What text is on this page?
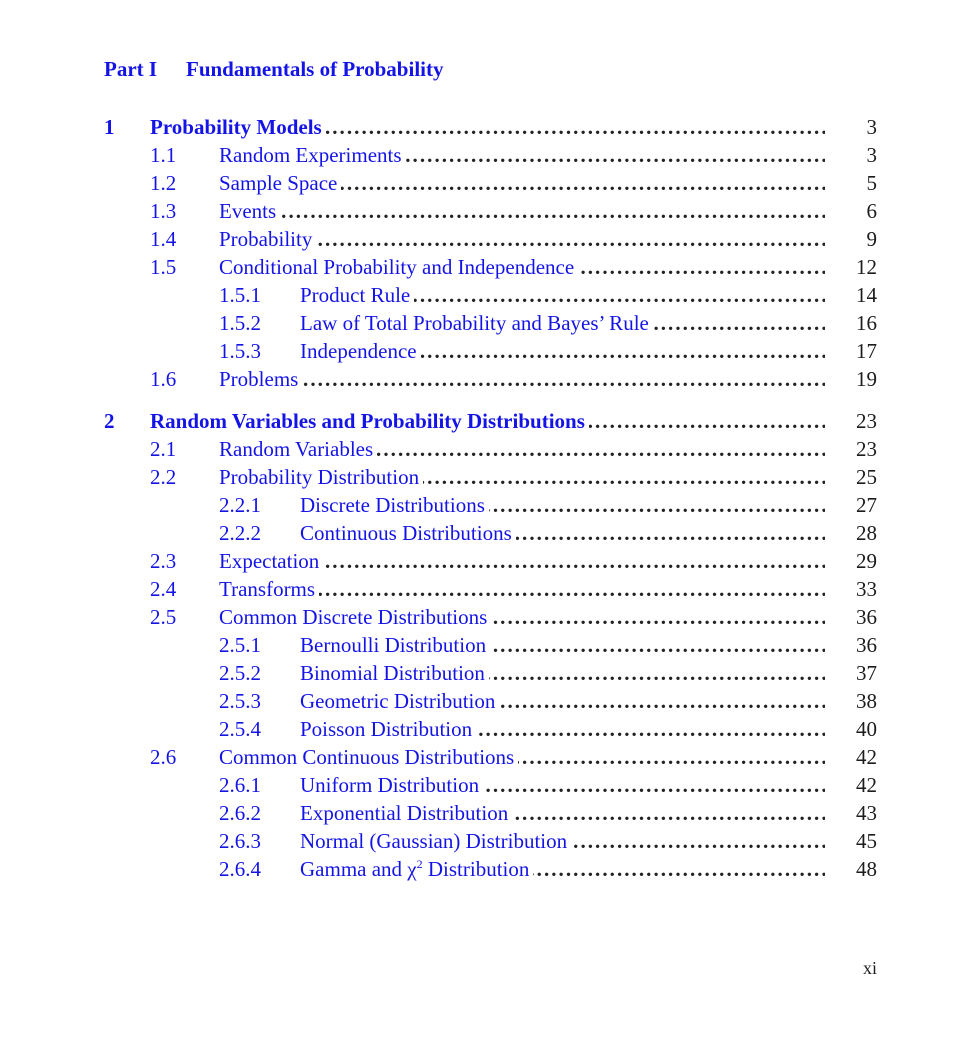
Part I Fundamentals of Probability
1 Probability Models . . .	3
1.1 Random Experiments . . .	3
1.2 Sample Space . . .	5
1.3 Events . . .	6
1.4 Probability . . .	9
1.5 Conditional Probability and Independence . . .	12
1.5.1 Product Rule . . .	14
1.5.2 Law of Total Probability and Bayes’ Rule . . .	16
1.5.3 Independence . . .	17
1.6 Problems . . .	19
2 Random Variables and Probability Distributions . . .	23
2.1 Random Variables . . .	23
2.2 Probability Distribution . . .	25
2.2.1 Discrete Distributions . . .	27
2.2.2 Continuous Distributions . . .	28
2.3 Expectation . . .	29
2.4 Transforms . . .	33
2.5 Common Discrete Distributions . . .	36
2.5.1 Bernoulli Distribution . . .	36
2.5.2 Binomial Distribution . . .	37
2.5.3 Geometric Distribution . . .	38
2.5.4 Poisson Distribution . . .	40
2.6 Common Continuous Distributions . . .	42
2.6.1 Uniform Distribution . . .	42
2.6.2 Exponential Distribution . . .	43
2.6.3 Normal (Gaussian) Distribution . . .	45
2.6.4 Gamma and $\chi^2$ Distribution . . .	48
xi
